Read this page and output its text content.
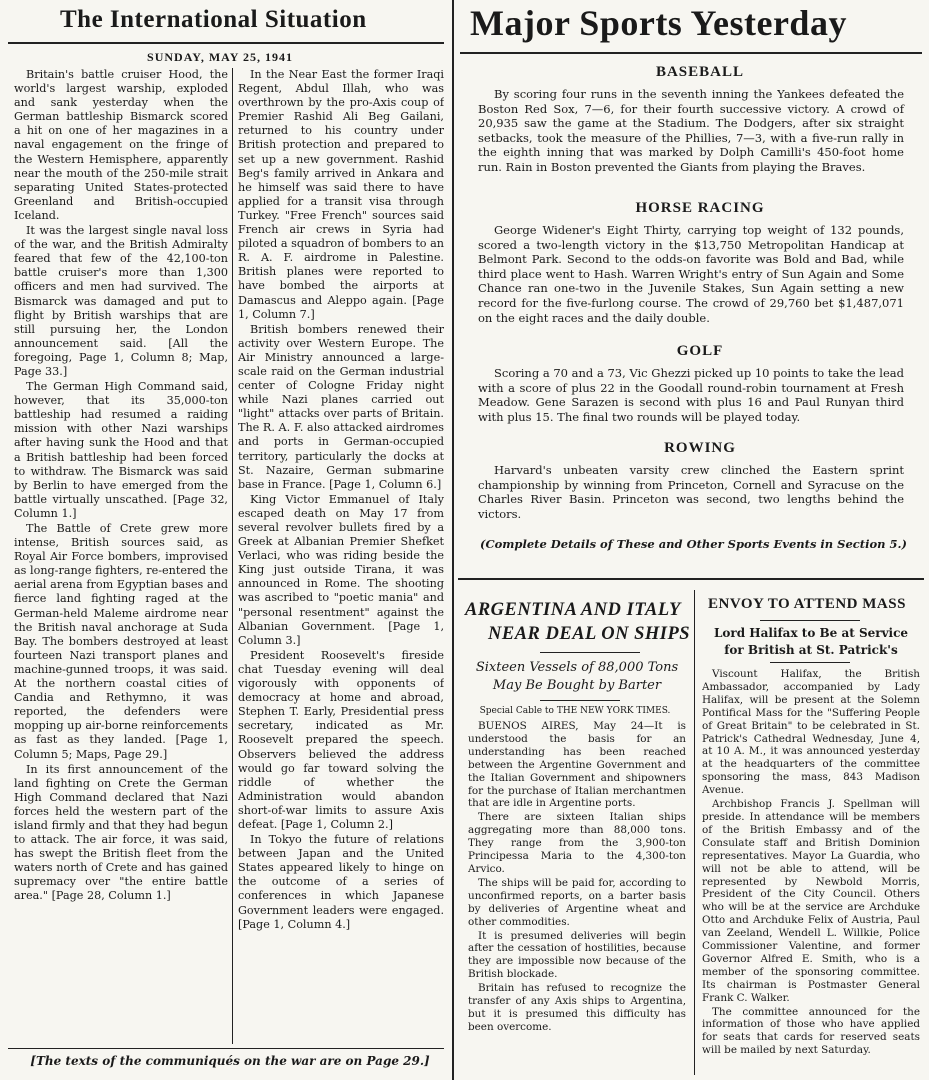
The International Situation
SUNDAY, MAY 25, 1941

Britain's battle cruiser Hood, the world's largest warship, exploded and sank yesterday when the German battleship Bismarck scored a hit on one of her magazines in a naval engagement on the fringe of the Western Hemisphere, apparently near the mouth of the 250-mile strait separating United States-protected Greenland and British-occupied Iceland.

It was the largest single naval loss of the war, and the British Admiralty feared that few of the 42,100-ton battle cruiser's more than 1,300 officers and men had survived. The Bismarck was damaged and put to flight by British warships that are still pursuing her, the London announcement said. [All the foregoing, Page 1, Column 8; Map, Page 33.]

The German High Command said, however, that its 35,000-ton battleship had resumed a raiding mission with other Nazi warships after having sunk the Hood and that a British battleship had been forced to withdraw. The Bismarck was said by Berlin to have emerged from the battle virtually unscathed. [Page 32, Column 1.]

The Battle of Crete grew more intense, British sources said, as Royal Air Force bombers, improvised as long-range fighters, re-entered the aerial arena from Egyptian bases and fierce land fighting raged at the German-held Maleme airdrome near the British naval anchorage at Suda Bay. The bombers destroyed at least fourteen Nazi transport planes and machine-gunned troops, it was said. At the northern coastal cities of Candia and Rethymno, it was reported, the defenders were mopping up air-borne reinforcements as fast as they landed. [Page 1, Column 5; Maps, Page 29.]

In its first announcement of the land fighting on Crete the German High Command declared that Nazi forces held the western part of the island firmly and that they had begun to attack. The air force, it was said, has swept the British fleet from the waters north of Crete and has gained supremacy over "the entire battle area." [Page 28, Column 1.]

In the Near East the former Iraqi Regent, Abdul Illah, who was overthrown by the pro-Axis coup of Premier Rashid Ali Beg Gailani, returned to his country under British protection and prepared to set up a new government. Rashid Beg's family arrived in Ankara and he himself was said there to have applied for a transit visa through Turkey. "Free French" sources said French air crews in Syria had piloted a squadron of bombers to an R. A. F. airdrome in Palestine. British planes were reported to have bombed the airports at Damascus and Aleppo again. [Page 1, Column 7.]

British bombers renewed their activity over Western Europe. The Air Ministry announced a large-scale raid on the German industrial center of Cologne Friday night while Nazi planes carried out "light" attacks over parts of Britain. The R. A. F. also attacked airdromes and ports in German-occupied territory, particularly the docks at St. Nazaire, German submarine base in France. [Page 1, Column 6.]

King Victor Emmanuel of Italy escaped death on May 17 from several revolver bullets fired by a Greek at Albanian Premier Shefket Verlaci, who was riding beside the King just outside Tirana, it was announced in Rome. The shooting was ascribed to "poetic mania" and "personal resentment" against the Albanian Government. [Page 1, Column 3.]

President Roosevelt's fireside chat Tuesday evening will deal vigorously with opponents of democracy at home and abroad, Stephen T. Early, Presidential press secretary, indicated as Mr. Roosevelt prepared the speech. Observers believed the address would go far toward solving the riddle of whether the Administration would abandon short-of-war limits to assure Axis defeat. [Page 1, Column 2.]

In Tokyo the future of relations between Japan and the United States appeared likely to hinge on the outcome of a series of conferences in which Japanese Government leaders were engaged. [Page 1, Column 4.]

[The texts of the communiqués on the war are on Page 29.]
Major Sports Yesterday
BASEBALL

By scoring four runs in the seventh inning the Yankees defeated the Boston Red Sox, 7—6, for their fourth successive victory. A crowd of 20,935 saw the game at the Stadium. The Dodgers, after six straight setbacks, took the measure of the Phillies, 7—3, with a five-run rally in the eighth inning that was marked by Dolph Camilli's 450-foot home run. Rain in Boston prevented the Giants from playing the Braves.

HORSE RACING

George Widener's Eight Thirty, carrying top weight of 132 pounds, scored a two-length victory in the $13,750 Metropolitan Handicap at Belmont Park. Second to the odds-on favorite was Bold and Bad, while third place went to Hash. Warren Wright's entry of Sun Again and Some Chance ran one-two in the Juvenile Stakes, Sun Again setting a new record for the five-furlong course. The crowd of 29,760 bet $1,487,071 on the eight races and the daily double.

GOLF

Scoring a 70 and a 73, Vic Ghezzi picked up 10 points to take the lead with a score of plus 22 in the Goodall round-robin tournament at Fresh Meadow. Gene Sarazen is second with plus 16 and Paul Runyan third with plus 15. The final two rounds will be played today.

ROWING

Harvard's unbeaten varsity crew clinched the Eastern sprint championship by winning from Princeton, Cornell and Syracuse on the Charles River Basin. Princeton was second, two lengths behind the victors.

(Complete Details of These and Other Sports Events in Section 5.)
ARGENTINA AND ITALY
NEAR DEAL ON SHIPS
Sixteen Vessels of 88,000 Tons
May Be Bought by Barter
Special Cable to THE NEW YORK TIMES.

BUENOS AIRES, May 24—It is understood the basis for an understanding has been reached between the Argentine Government and the Italian Government and shipowners for the purchase of Italian merchantmen that are idle in Argentine ports.

There are sixteen Italian ships aggregating more than 88,000 tons. They range from the 3,900-ton Principessa Maria to the 4,300-ton Arvico.

The ships will be paid for, according to unconfirmed reports, on a barter basis by deliveries of Argentine wheat and other commodities.

It is presumed deliveries will begin after the cessation of hostilities, because they are impossible now because of the British blockade.

Britain has refused to recognize the transfer of any Axis ships to Argentina, but it is presumed this difficulty has been overcome.

ENVOY TO ATTEND MASS
Lord Halifax to Be at Service
for British at St. Patrick's

Viscount Halifax, the British Ambassador, accompanied by Lady Halifax, will be present at the Solemn Pontifical Mass for the "Suffering People of Great Britain" to be celebrated in St. Patrick's Cathedral Wednesday, June 4, at 10 A. M., it was announced yesterday at the headquarters of the committee sponsoring the mass, 843 Madison Avenue.

Archbishop Francis J. Spellman will preside. In attendance will be members of the British Embassy and of the Consulate staff and British Dominion representatives. Mayor La Guardia, who will not be able to attend, will be represented by Newbold Morris, President of the City Council. Others who will be at the service are Archduke Otto and Archduke Felix of Austria, Paul van Zeeland, Wendell L. Willkie, Police Commissioner Valentine, and former Governor Alfred E. Smith, who is a member of the sponsoring committee. Its chairman is Postmaster General Frank C. Walker.

The committee announced for the information of those who have applied for seats that cards for reserved seats will be mailed by next Saturday.
